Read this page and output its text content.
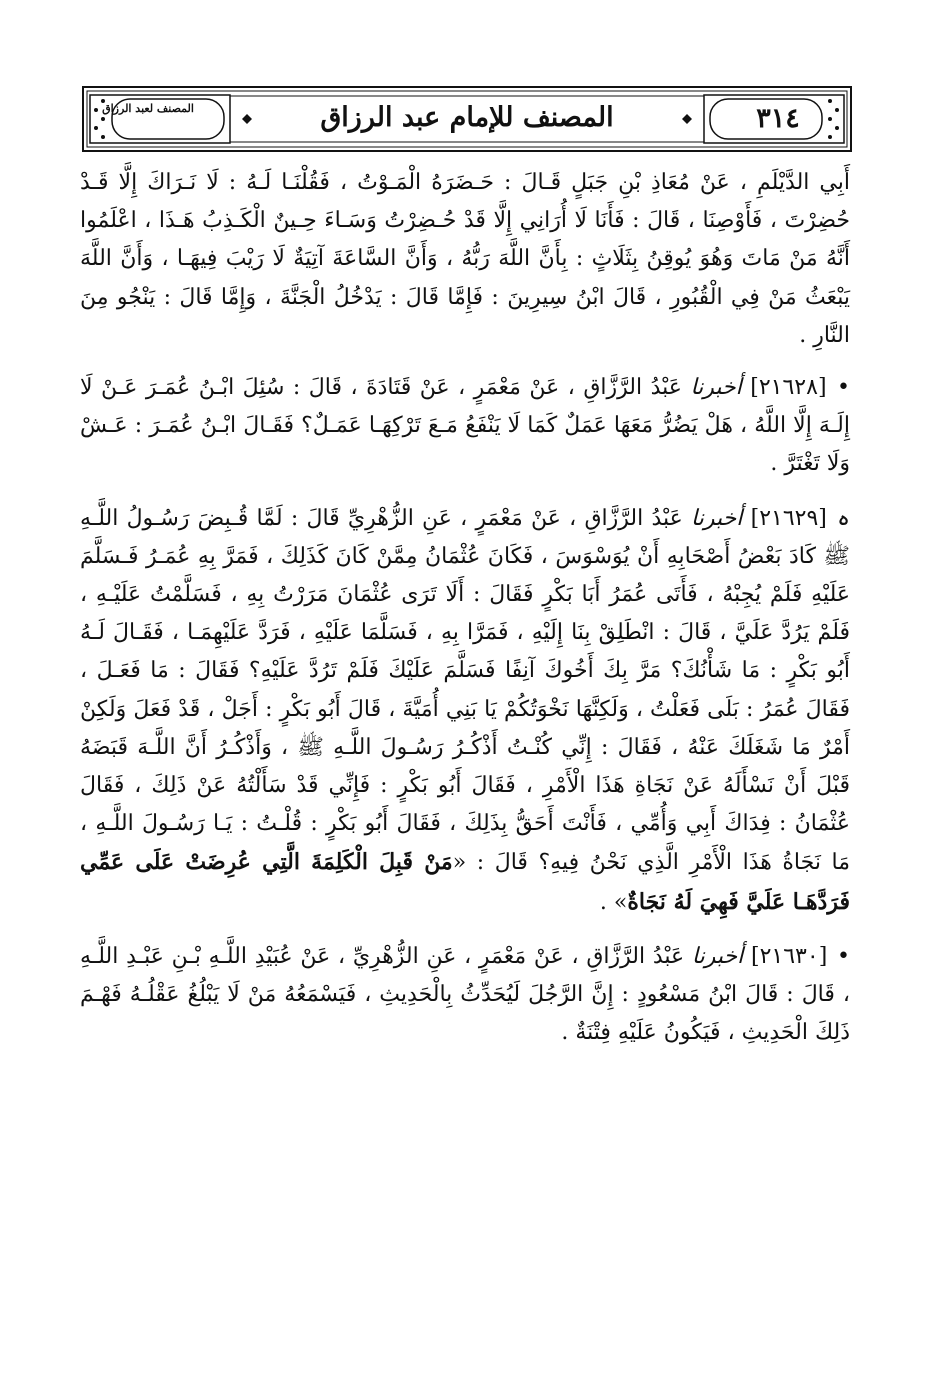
٣١٤
المصنف للإمام عبد الرزاق
المصنف لعبد الرزاق

أَبِي الدَّيْلَمِ ، عَنْ مُعَاذِ بْنِ جَبَلٍ قَـالَ : حَـضَرَهُ الْمَـوْتُ ، فَقُلْنَـا لَـهُ : لَا نَـرَاكَ إِلَّا قَـدْ حُضِرْتَ ، فَأَوْصِنَا ، قَالَ : فَأَنَا لَا أُرَانِي إِلَّا قَدْ حُـضِرْتُ وَسَـاءَ حِـينٌ الْكَـذِبُ هَـذَا ، اعْلَمُوا أَنَّهُ مَنْ مَاتَ وَهُوَ يُوقِنُ بِثَلَاثٍ : بِأَنَّ اللَّهَ رَبُّهُ ، وَأَنَّ السَّاعَةَ آتِيَةٌ لَا رَيْبَ فِيهَـا ، وَأَنَّ اللَّهَ يَبْعَثُ مَنْ فِي الْقُبُورِ ، قَالَ ابْنُ سِيرِينَ : فَإِمَّا قَالَ : يَدْخُلُ الْجَنَّةَ ، وَإِمَّا قَالَ : يَنْجُو مِنَ النَّارِ .

• [٢١٦٢٨] أخبرنا عَبْدُ الرَّزَّاقِ ، عَنْ مَعْمَرٍ ، عَنْ قَتَادَةَ ، قَالَ : سُئِلَ ابْـنُ عُمَـرَ عَـنْ لَا إِلَـهَ إِلَّا اللَّهُ ، هَلْ يَضُرُّ مَعَهَا عَمَلٌ كَمَا لَا يَنْفَعُ مَـعَ تَرْكِهَـا عَمَـلٌ؟ فَقَـالَ ابْـنُ عُمَـرَ : عَـشْ وَلَا تَغْتَرَّ .

ہ [٢١٦٢٩] أخبرنا عَبْدُ الرَّزَّاقِ ، عَنْ مَعْمَرٍ ، عَنِ الزُّهْرِيِّ قَالَ : لَمَّا قُـبِضَ رَسُـولُ اللَّـهِ ﷺ كَادَ بَعْضُ أَصْحَابِهِ أَنْ يُوَسْوَسَ ، فَكَانَ عُثْمَانُ مِمَّنْ كَانَ كَذَلِكَ ، فَمَرَّ بِهِ عُمَـرُ فَـسَلَّمَ عَلَيْهِ فَلَمْ يُجِبْهُ ، فَأَتَى عُمَرُ أَبَا بَكْرٍ فَقَالَ : أَلَا تَرَى عُثْمَانَ مَرَرْتُ بِهِ ، فَسَلَّمْتُ عَلَيْـهِ ، فَلَمْ يَرُدَّ عَلَيَّ ، قَالَ : انْطَلِقْ بِنَا إِلَيْهِ ، فَمَرَّا بِهِ ، فَسَلَّمَا عَلَيْهِ ، فَرَدَّ عَلَيْهِمَـا ، فَقَـالَ لَـهُ أَبُو بَكْرٍ : مَا شَأْنُكَ؟ مَرَّ بِكَ أَخُوكَ آنِفًا فَسَلَّمَ عَلَيْكَ فَلَمْ تَرُدَّ عَلَيْهِ؟ فَقَالَ : مَا فَعَـلَ ، فَقَالَ عُمَرُ : بَلَى فَعَلْتُ ، وَلَكِنَّهَا نَخْوَتُكُمْ يَا بَنِي أُمَيَّةَ ، قَالَ أَبُو بَكْرٍ : أَجَلْ ، قَدْ فَعَلَ وَلَكِنْ أَمْرٌ مَا شَغَلَكَ عَنْهُ ، فَقَالَ : إِنِّي كُنْـتُ أَذْكُـرُ رَسُـولَ اللَّـهِ ﷺ ، وَأَذْكُـرُ أَنَّ اللَّـهَ قَبَضَهُ قَبْلَ أَنْ نَسْأَلَهُ عَنْ نَجَاةِ هَذَا الْأَمْرِ ، فَقَالَ أَبُو بَكْرٍ : فَإِنِّي قَدْ سَأَلْتُهُ عَنْ ذَلِكَ ، فَقَالَ عُثْمَانُ : فِدَاكَ أَبِي وَأُمِّي ، فَأَنْتَ أَحَقُّ بِذَلِكَ ، فَقَالَ أَبُو بَكْرٍ : قُلْـتُ : يَـا رَسُـولَ اللَّـهِ ، مَا نَجَاةُ هَذَا الْأَمْرِ الَّذِي نَحْنُ فِيهِ؟ قَالَ : «مَنْ قَبِلَ الْكَلِمَةَ الَّتِي عُرِضَتْ عَلَى عَمِّي فَرَدَّهَـا عَلَيَّ فَهِيَ لَهُ نَجَاةٌ» .

• [٢١٦٣٠] أخبرنا عَبْدُ الرَّزَّاقِ ، عَنْ مَعْمَرٍ ، عَنِ الزُّهْرِيِّ ، عَنْ عُبَيْدِ اللَّـهِ بْـنِ عَبْـدِ اللَّـهِ ، قَالَ : قَالَ ابْنُ مَسْعُودٍ : إِنَّ الرَّجُلَ لَيُحَدِّثُ بِالْحَدِيثِ ، فَيَسْمَعُهُ مَنْ لَا يَبْلُغُ عَقْلُـهُ فَهْـمَ ذَلِكَ الْحَدِيثِ ، فَيَكُونُ عَلَيْهِ فِتْنَةٌ .
